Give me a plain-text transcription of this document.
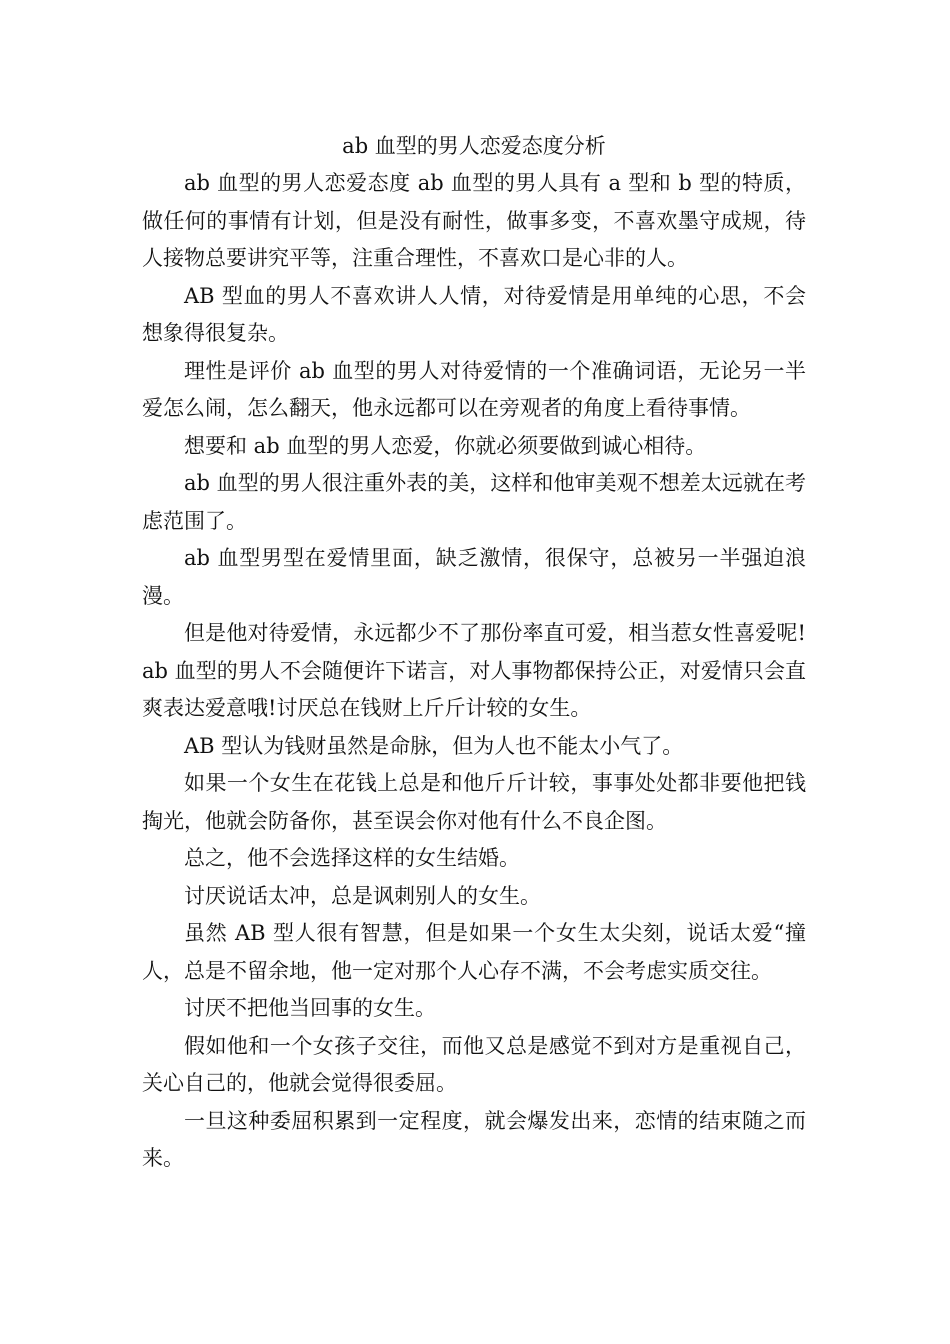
ab 血型的男人恋爱态度分析

ab 血型的男人恋爱态度 ab 血型的男人具有 a 型和 b 型的特质，做任何的事情有计划，但是没有耐性，做事多变，不喜欢墨守成规，待人接物总要讲究平等，注重合理性，不喜欢口是心非的人。

AB 型血的男人不喜欢讲人人情，对待爱情是用单纯的心思，不会想象得很复杂。

理性是评价 ab 血型的男人对待爱情的一个准确词语，无论另一半爱怎么闹，怎么翻天，他永远都可以在旁观者的角度上看待事情。

想要和 ab 血型的男人恋爱，你就必须要做到诚心相待。

ab 血型的男人很注重外表的美，这样和他审美观不想差太远就在考虑范围了。

ab 血型男型在爱情里面，缺乏激情，很保守，总被另一半强迫浪漫。

但是他对待爱情，永远都少不了那份率直可爱，相当惹女性喜爱呢!ab 血型的男人不会随便许下诺言，对人事物都保持公正，对爱情只会直爽表达爱意哦!讨厌总在钱财上斤斤计较的女生。

AB 型认为钱财虽然是命脉，但为人也不能太小气了。

如果一个女生在花钱上总是和他斤斤计较，事事处处都非要他把钱掏光，他就会防备你，甚至误会你对他有什么不良企图。

总之，他不会选择这样的女生结婚。

讨厌说话太冲，总是讽刺别人的女生。

虽然 AB 型人很有智慧，但是如果一个女生太尖刻，说话太爱“撞人，总是不留余地，他一定对那个人心存不满，不会考虑实质交往。

讨厌不把他当回事的女生。

假如他和一个女孩子交往，而他又总是感觉不到对方是重视自己，关心自己的，他就会觉得很委屈。

一旦这种委屈积累到一定程度，就会爆发出来，恋情的结束随之而来。
